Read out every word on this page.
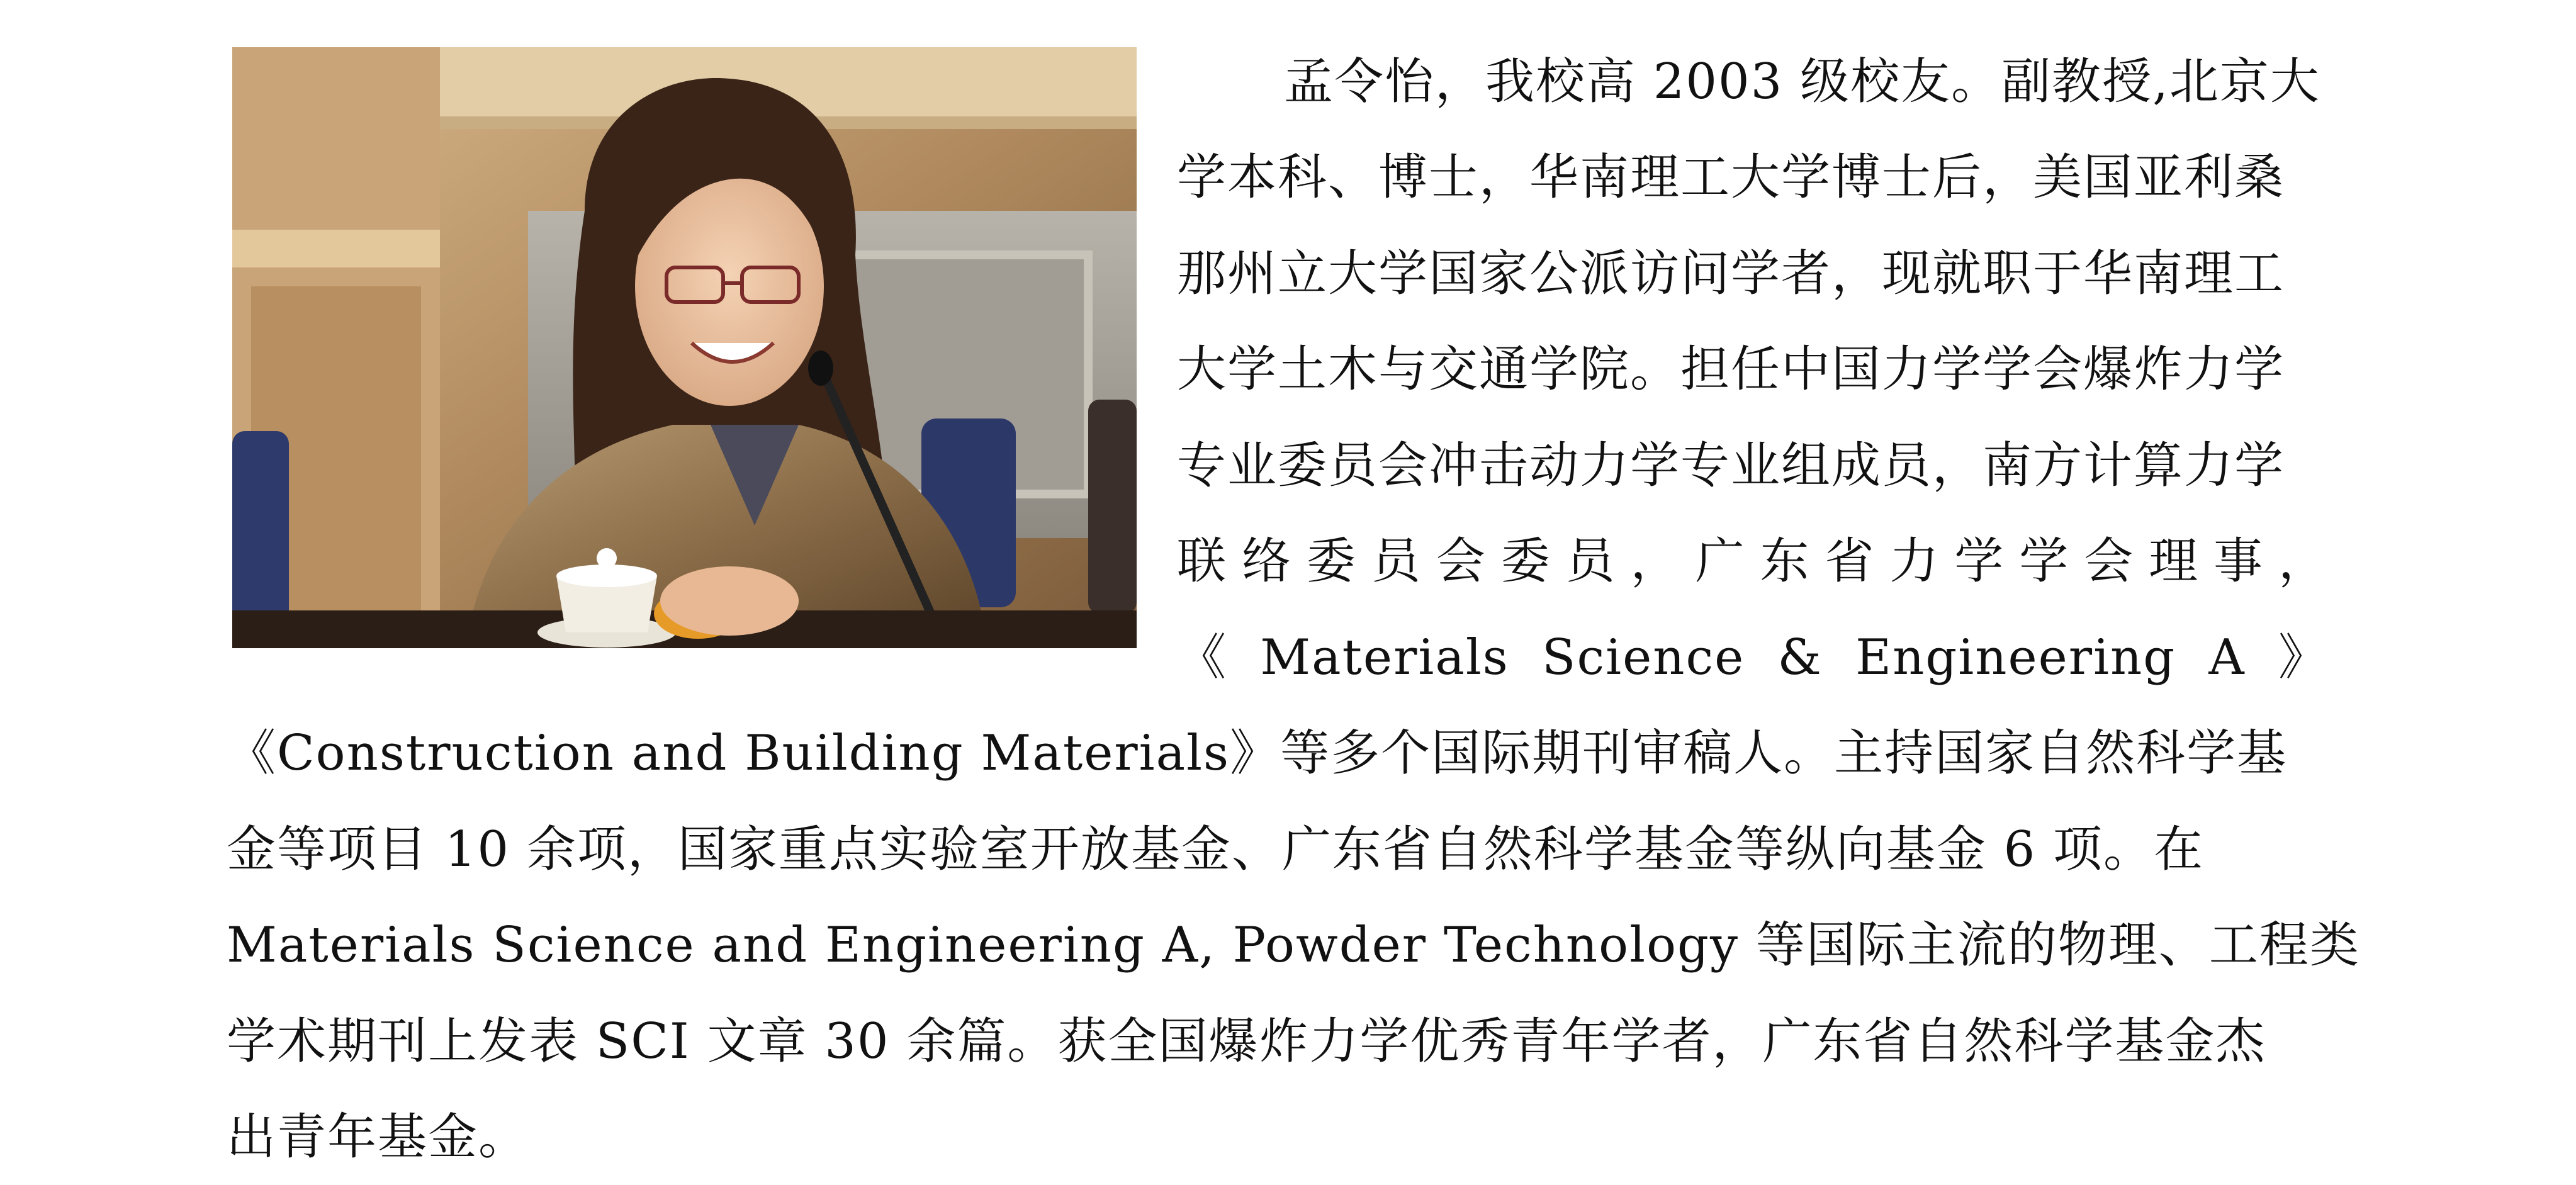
孟令怡，我校高 2003 级校友。副教授,北京大
学本科、博士，华南理工大学博士后，美国亚利桑
那州立大学国家公派访问学者，现就职于华南理工
大学土木与交通学院。担任中国力学学会爆炸力学
专业委员会冲击动力学专业组成员，南方计算力学
联 络 委 员 会 委 员 ， 广 东 省 力 学 学 会 理 事 ，
《 Materials Science & Engineering A 》
《Construction and Building Materials》等多个国际期刊审稿人。主持国家自然科学基
金等项目 10 余项，国家重点实验室开放基金、广东省自然科学基金等纵向基金 6 项。在
Materials Science and Engineering A, Powder Technology 等国际主流的物理、工程类
学术期刊上发表 SCI 文章 30 余篇。获全国爆炸力学优秀青年学者，广东省自然科学基金杰
出青年基金。
